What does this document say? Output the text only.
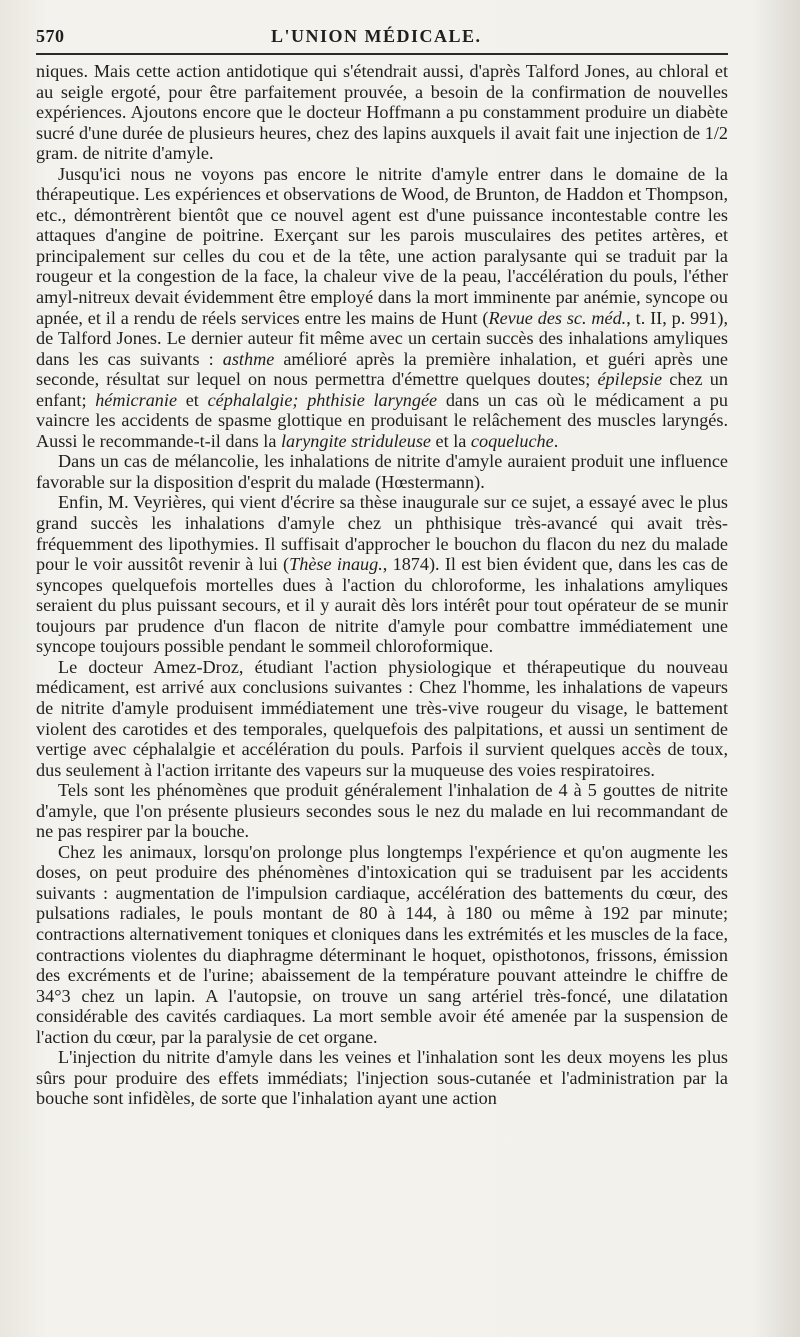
570	L'UNION MÉDICALE.

niques. Mais cette action antidotique qui s'étendrait aussi, d'après Talford Jones, au chloral et au seigle ergoté, pour être parfaitement prouvée, a besoin de la confirmation de nouvelles expériences. Ajoutons encore que le docteur Hoffmann a pu constamment produire un diabète sucré d'une durée de plusieurs heures, chez des lapins auxquels il avait fait une injection de 1/2 gram. de nitrite d'amyle.

Jusqu'ici nous ne voyons pas encore le nitrite d'amyle entrer dans le domaine de la thérapeutique. Les expériences et observations de Wood, de Brunton, de Haddon et Thompson, etc., démontrèrent bientôt que ce nouvel agent est d'une puissance incontestable contre les attaques d'angine de poitrine. Exerçant sur les parois musculaires des petites artères, et principalement sur celles du cou et de la tête, une action paralysante qui se traduit par la rougeur et la congestion de la face, la chaleur vive de la peau, l'accélération du pouls, l'éther amyl-nitreux devait évidemment être employé dans la mort imminente par anémie, syncope ou apnée, et il a rendu de réels services entre les mains de Hunt (Revue des sc. méd., t. II, p. 991), de Talford Jones. Le dernier auteur fit même avec un certain succès des inhalations amyliques dans les cas suivants : asthme amélioré après la première inhalation, et guéri après une seconde, résultat sur lequel on nous permettra d'émettre quelques doutes; épilepsie chez un enfant; hémicranie et céphalalgie; phthisie laryngée dans un cas où le médicament a pu vaincre les accidents de spasme glottique en produisant le relâchement des muscles laryngés. Aussi le recommande-t-il dans la laryngite striduleuse et la coqueluche.

Dans un cas de mélancolie, les inhalations de nitrite d'amyle auraient produit une influence favorable sur la disposition d'esprit du malade (Hœstermann).

Enfin, M. Veyrières, qui vient d'écrire sa thèse inaugurale sur ce sujet, a essayé avec le plus grand succès les inhalations d'amyle chez un phthisique très-avancé qui avait très-fréquemment des lipothymies. Il suffisait d'approcher le bouchon du flacon du nez du malade pour le voir aussitôt revenir à lui (Thèse inaug., 1874). Il est bien évident que, dans les cas de syncopes quelquefois mortelles dues à l'action du chloroforme, les inhalations amyliques seraient du plus puissant secours, et il y aurait dès lors intérêt pour tout opérateur de se munir toujours par prudence d'un flacon de nitrite d'amyle pour combattre immédiatement une syncope toujours possible pendant le sommeil chloroformique.

Le docteur Amez-Droz, étudiant l'action physiologique et thérapeutique du nouveau médicament, est arrivé aux conclusions suivantes : Chez l'homme, les inhalations de vapeurs de nitrite d'amyle produisent immédiatement une très-vive rougeur du visage, le battement violent des carotides et des temporales, quelquefois des palpitations, et aussi un sentiment de vertige avec céphalalgie et accélération du pouls. Parfois il survient quelques accès de toux, dus seulement à l'action irritante des vapeurs sur la muqueuse des voies respiratoires.

Tels sont les phénomènes que produit généralement l'inhalation de 4 à 5 gouttes de nitrite d'amyle, que l'on présente plusieurs secondes sous le nez du malade en lui recommandant de ne pas respirer par la bouche.

Chez les animaux, lorsqu'on prolonge plus longtemps l'expérience et qu'on augmente les doses, on peut produire des phénomènes d'intoxication qui se traduisent par les accidents suivants : augmentation de l'impulsion cardiaque, accélération des battements du cœur, des pulsations radiales, le pouls montant de 80 à 144, à 180 ou même à 192 par minute; contractions alternativement toniques et cloniques dans les extrémités et les muscles de la face, contractions violentes du diaphragme déterminant le hoquet, opisthotonos, frissons, émission des excréments et de l'urine; abaissement de la température pouvant atteindre le chiffre de 34°3 chez un lapin. A l'autopsie, on trouve un sang artériel très-foncé, une dilatation considérable des cavités cardiaques. La mort semble avoir été amenée par la suspension de l'action du cœur, par la paralysie de cet organe.

L'injection du nitrite d'amyle dans les veines et l'inhalation sont les deux moyens les plus sûrs pour produire des effets immédiats; l'injection sous-cutanée et l'administration par la bouche sont infidèles, de sorte que l'inhalation ayant une action
